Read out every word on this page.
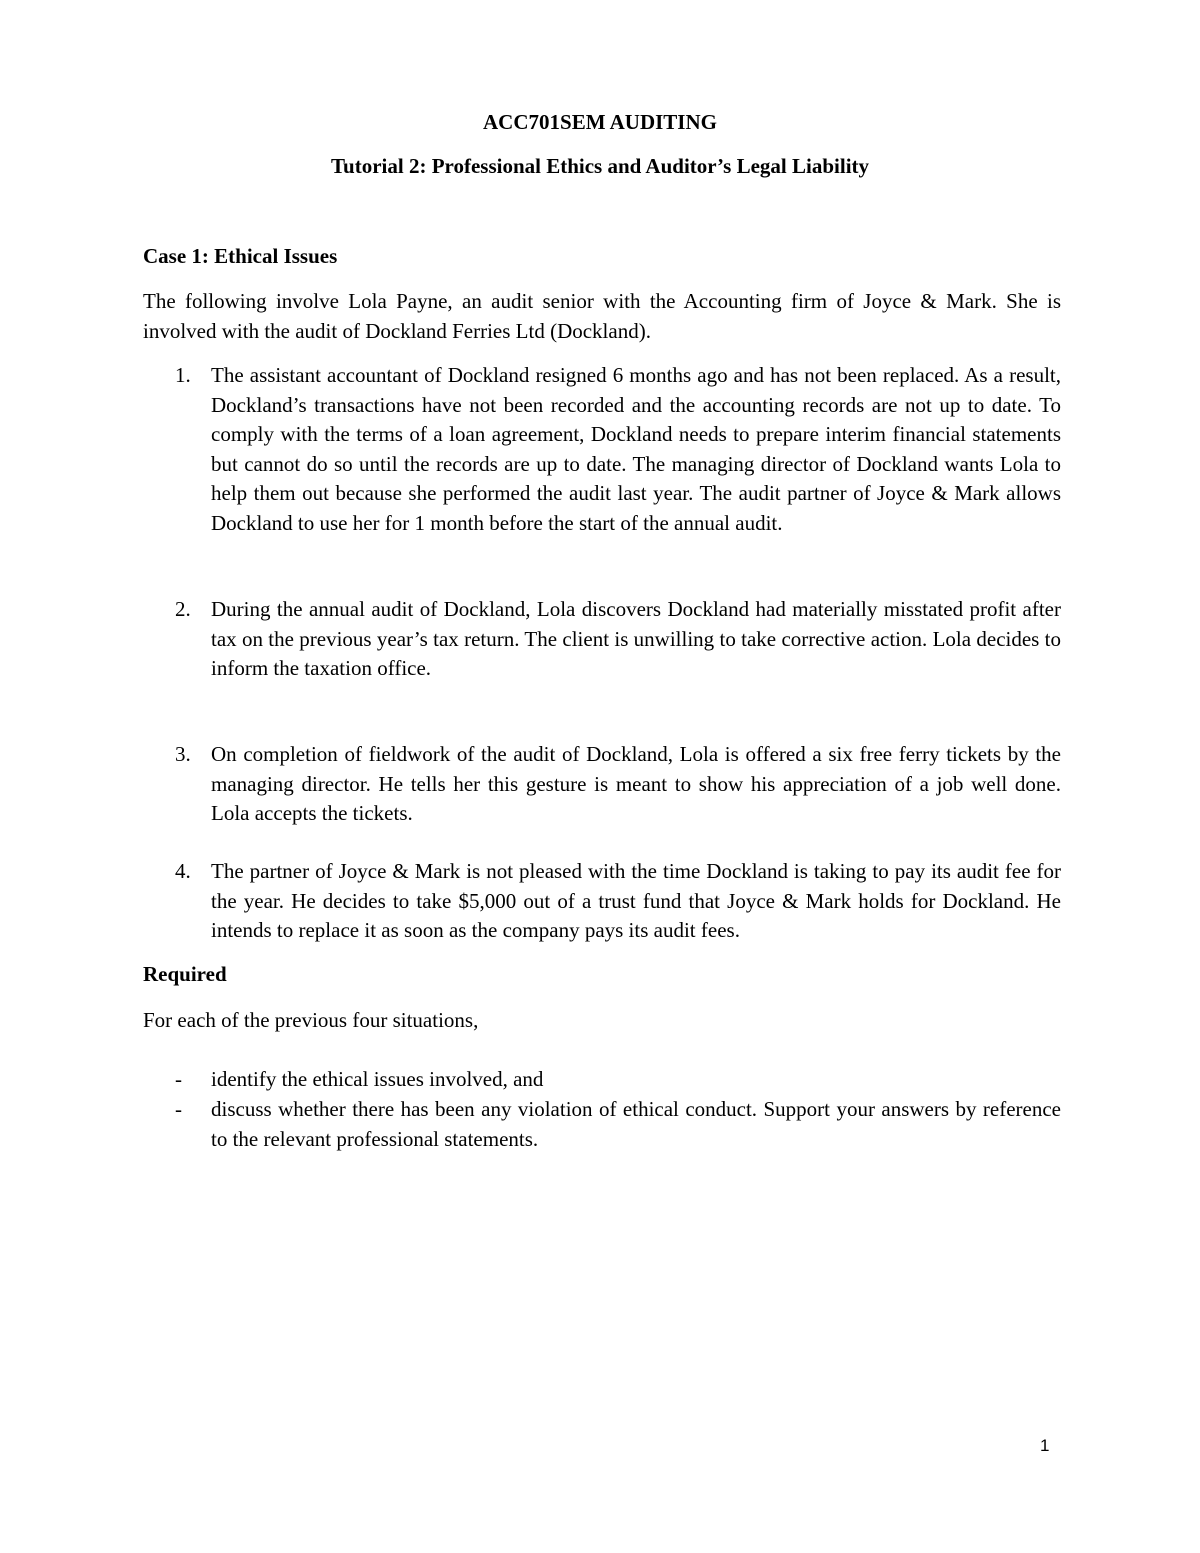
ACC701SEM AUDITING
Tutorial 2: Professional Ethics and Auditor’s Legal Liability
Case 1: Ethical Issues
The following involve Lola Payne, an audit senior with the Accounting firm of Joyce & Mark. She is involved with the audit of Dockland Ferries Ltd (Dockland).
1. The assistant accountant of Dockland resigned 6 months ago and has not been replaced. As a result, Dockland’s transactions have not been recorded and the accounting records are not up to date. To comply with the terms of a loan agreement, Dockland needs to prepare interim financial statements but cannot do so until the records are up to date. The managing director of Dockland wants Lola to help them out because she performed the audit last year. The audit partner of Joyce & Mark allows Dockland to use her for 1 month before the start of the annual audit.
2. During the annual audit of Dockland, Lola discovers Dockland had materially misstated profit after tax on the previous year’s tax return. The client is unwilling to take corrective action. Lola decides to inform the taxation office.
3. On completion of fieldwork of the audit of Dockland, Lola is offered a six free ferry tickets by the managing director. He tells her this gesture is meant to show his appreciation of a job well done. Lola accepts the tickets.
4. The partner of Joyce & Mark is not pleased with the time Dockland is taking to pay its audit fee for the year. He decides to take $5,000 out of a trust fund that Joyce & Mark holds for Dockland. He intends to replace it as soon as the company pays its audit fees.
Required
For each of the previous four situations,
-	identify the ethical issues involved, and
-	discuss whether there has been any violation of ethical conduct. Support your answers by reference to the relevant professional statements.
1
